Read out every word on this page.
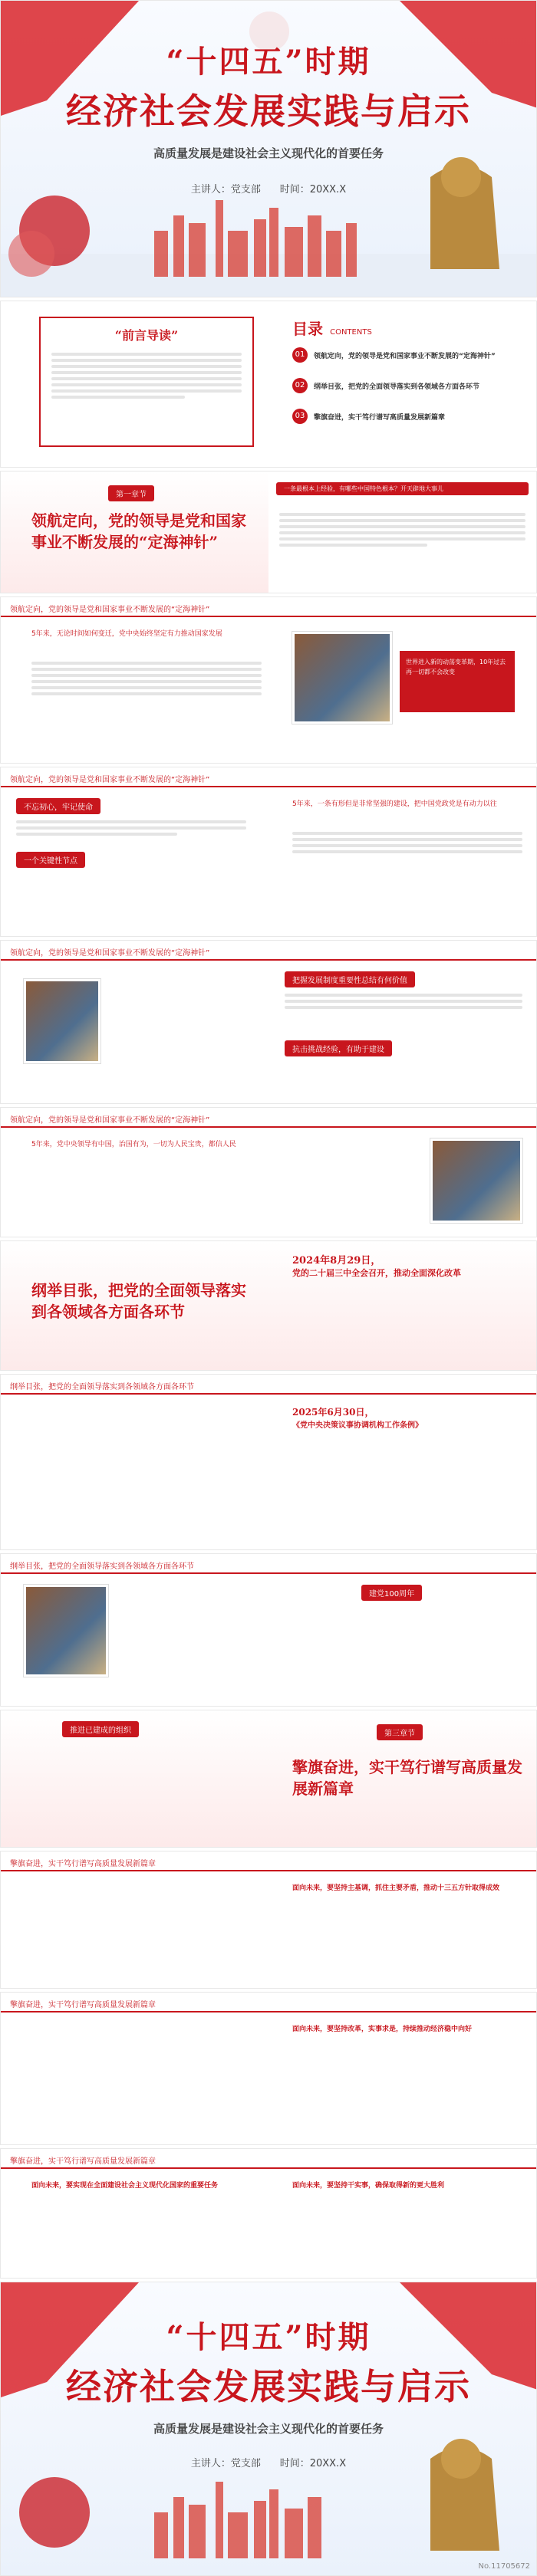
“十四五”时期
经济社会发展实践与启示
高质量发展是建设社会主义现代化的首要任务
主讲人：党支部 时间：20XX.X
“前言导读”	目录 CONTENTS
01	领航定向，党的领导是党和国家事业不断发展的“定海神针”
02	纲举目张，把党的全面领导落实到各领域各方面各环节
03	擎旗奋进，实干笃行谱写高质量发展新篇章
第一章节
领航定向，党的领导是党和国家事业不断发展的“定海神针”
一条最根本上经验，有哪些中国特色根本？开天辟地大事儿
领航定向，党的领导是党和国家事业不断发展的“定海神针”
5年来，无论时间如何变迁，党中央始终坚定有力推动国家发展
世界进入新的动荡变革期，10年过去再一切都不会改变
领航定向，党的领导是党和国家事业不断发展的“定海神针”
不忘初心，牢记使命
一个关键性节点
5年来，一条有形但是非常坚强的建设，把中国党政党是有动力以往
领航定向，党的领导是党和国家事业不断发展的“定海神针”
把握发展制度重要性总结有何价值
抗击挑战经验，有助于建设
领航定向，党的领导是党和国家事业不断发展的“定海神针”
5年来，党中央领导有中国，治国有为，一切为人民宝贵，都信人民
纲举目张，把党的全面领导落实到各领域各方面各环节
2024年8月29日，
党的二十届三中全会召开，推动全面深化改革
纲举目张，把党的全面领导落实到各领域各方面各环节
2025年6月30日，
《党中央决策议事协调机构工作条例》
纲举目张，把党的全面领导落实到各领域各方面各环节
建党100周年
推进已建成的组织	第三章节
擎旗奋进，实干笃行谱写高质量发展新篇章
擎旗奋进，实干笃行谱写高质量发展新篇章
面向未来，要坚持主基调，抓住主要矛盾，推动十三五方针取得成效
擎旗奋进，实干笃行谱写高质量发展新篇章
面向未来，要坚持改革，实事求是，持续推动经济稳中向好
擎旗奋进，实干笃行谱写高质量发展新篇章
面向未来，要实现在全面建设社会主义现代化国家的重要任务	面向未来，要坚持干实事，确保取得新的更大胜利
“十四五”时期
经济社会发展实践与启示
高质量发展是建设社会主义现代化的首要任务
主讲人：党支部 时间：20XX.X
No.11705672
